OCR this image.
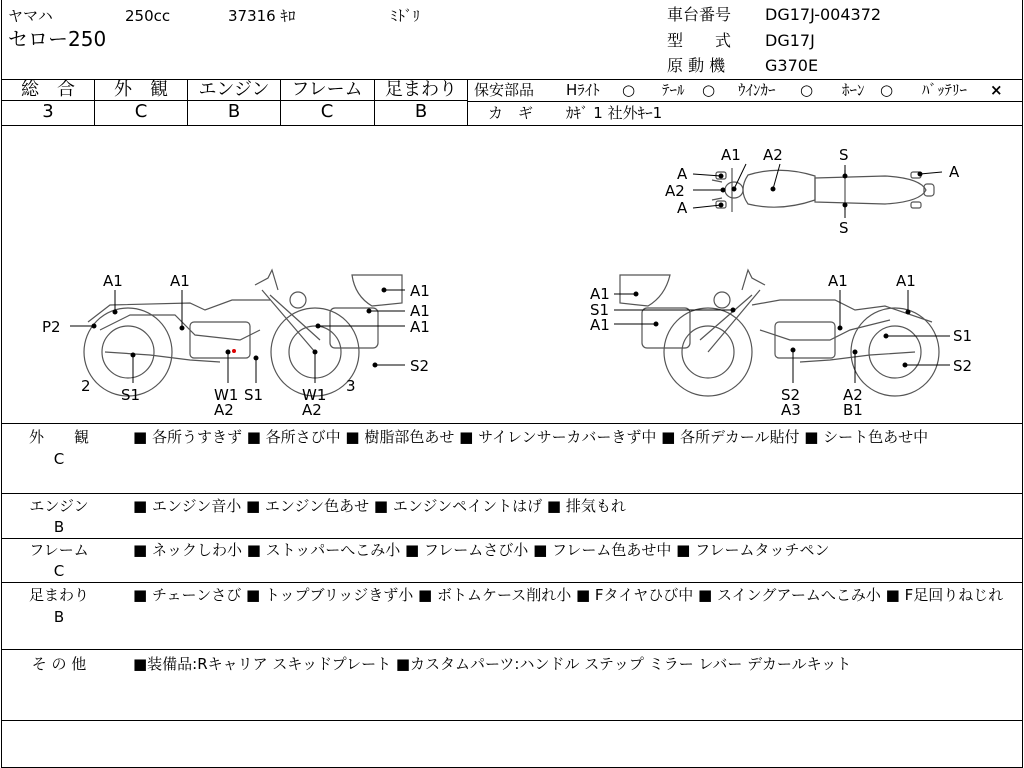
ヤマハ	250cc	37316 ｷﾛ	ﾐﾄﾞﾘ
セロー250
車台番号 DG17J-004372
型　　式 DG17J
原 動 機 G370E
総　合	外　観	エンジン	フレーム	足まわり
3	C	B	C	B
保安部品 Hﾗｲﾄ ○ ﾃｰﾙ ○ ｳｲﾝｶｰ ○ ﾎｰﾝ ○ ﾊﾞｯﾃﾘｰ ×
カ　ギ ｶｷﾞ 1 社外ｷｰ1
A1 A2	S
A
A2
A
A
S
A1	A1
A1
A1
A1
P2
S2
2 S1	W1
A2
S1	W1
A2
3
A1
S1
A1
A1	A1
S1
S2
S2
A3
A2
B1
外　　観
C
■ 各所うすきず ■ 各所さび中 ■ 樹脂部色あせ ■ サイレンサーカバーきず中 ■ 各所デカール貼付 ■ シート色あせ中
エンジン
B
■ エンジン音小 ■ エンジン色あせ ■ エンジンペイントはげ ■ 排気もれ
フレーム
C
■ ネックしわ小 ■ ストッパーへこみ小 ■ フレームさび小 ■ フレーム色あせ中 ■ フレームタッチペン
足まわり
B
■ チェーンさび ■ トップブリッジきず小 ■ ボトムケース削れ小 ■ Fタイヤひび中 ■ スイングアームへこみ小 ■ F足回りねじれ
そ の 他	■装備品:Rキャリア スキッドプレート ■カスタムパーツ:ハンドル ステップ ミラー レバー デカールキット
